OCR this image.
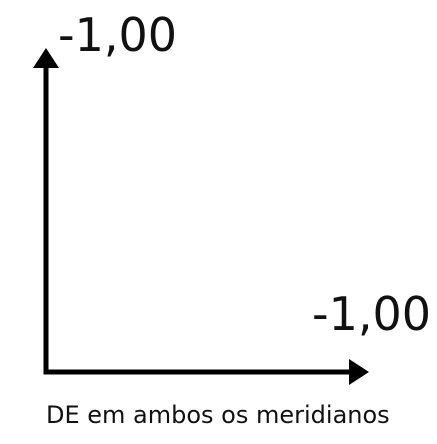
-1,00
-1,00
DE em ambos os meridianos
